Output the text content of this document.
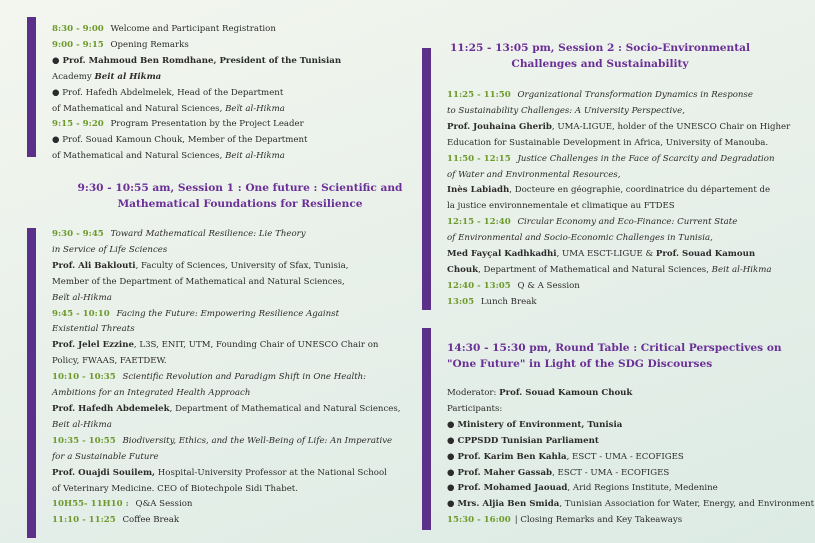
8:30 - 9:00 Welcome and Participant Registration
9:00 - 9:15 Opening Remarks
● Prof. Mahmoud Ben Romdhane, President of the Tunisian
Academy Beit al Hikma
● Prof. Hafedh Abdelmelek, Head of the Department
of Mathematical and Natural Sciences, Beït al-Hikma
9:15 - 9:20 Program Presentation by the Project Leader
● Prof. Souad Kamoun Chouk, Member of the Department
of Mathematical and Natural Sciences, Beit al-Hikma
9:30 - 10:55 am, Session 1 : One future : Scientific and
Mathematical Foundations for Resilience
9:30 - 9:45 Toward Mathematical Resilience: Lie Theory
in Service of Life Sciences
Prof. Ali Baklouti, Faculty of Sciences, University of Sfax, Tunisia,
Member of the Department of Mathematical and Natural Sciences,
Beït al-Hikma
9:45 - 10:10 Facing the Future: Empowering Resilience Against
Existential Threats
Prof. Jelel Ezzine, L3S, ENIT, UTM, Founding Chair of UNESCO Chair on
Policy, FWAAS, FAETDEW.
10:10 - 10:35 Scientific Revolution and Paradigm Shift in One Health:
Ambitions for an Integrated Health Approach
Prof. Hafedh Abdemelek, Department of Mathematical and Natural Sciences,
Beit al-Hikma
10:35 - 10:55 Biodiversity, Ethics, and the Well-Being of Life: An Imperative
for a Sustainable Future
Prof. Ouajdi Souilem, Hospital-University Professor at the National School
of Veterinary Medicine. CEO of Biotechpole Sidi Thabet.
10H55- 11H10 : Q&A Session
11:10 - 11:25 Coffee Break
11:25 - 13:05 pm, Session 2 : Socio-Environmental
Challenges and Sustainability
11:25 - 11:50 Organizational Transformation Dynamics in Response
to Sustainability Challenges: A University Perspective,
Prof. Jouhaina Gherib, UMA-LIGUE, holder of the UNESCO Chair on Higher
Education for Sustainable Development in Africa, University of Manouba.
11:50 - 12:15 Justice Challenges in the Face of Scarcity and Degradation
of Water and Environmental Resources,
Inès Labiadh, Docteure en géographie, coordinatrice du département de
la justice environnementale et climatique au FTDES
12:15 - 12:40 Circular Economy and Eco-Finance: Current State
of Environmental and Socio-Economic Challenges in Tunisia,
Med Fayçal Kadhkadhi, UMA ESCT-LIGUE & Prof. Souad Kamoun
Chouk, Department of Mathematical and Natural Sciences, Beit al-Hikma
12:40 - 13:05 Q & A Session
13:05 Lunch Break
14:30 - 15:30 pm, Round Table : Critical Perspectives on
"One Future" in Light of the SDG Discourses
Moderator: Prof. Souad Kamoun Chouk
Participants:
● Ministery of Environment, Tunisia
● CPPSDD Tunisian Parliament
● Prof. Karim Ben Kahla, ESCT - UMA - ECOFIGES
● Prof. Maher Gassab, ESCT - UMA - ECOFIGES
● Prof. Mohamed Jaouad, Arid Regions Institute, Medenine
● Mrs. Aljia Ben Smida, Tunisian Association for Water, Energy, and Environment
15:30 - 16:00 | Closing Remarks and Key Takeaways
